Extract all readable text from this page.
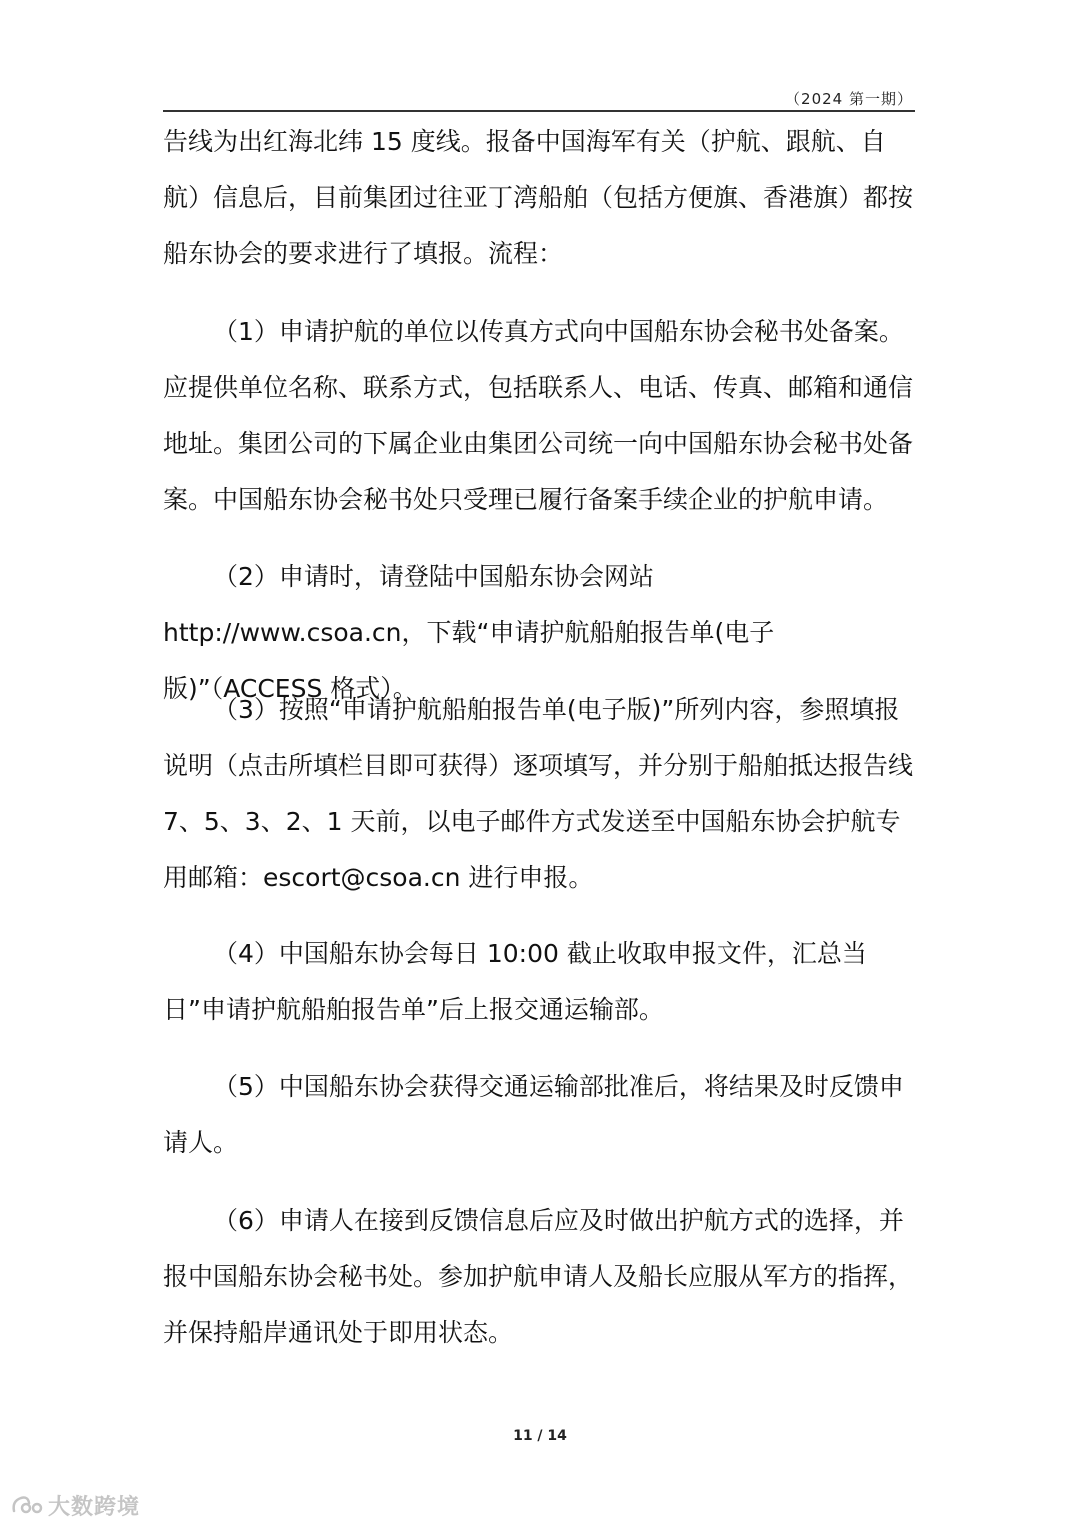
（2024 第一期）

告线为出红海北纬 15 度线。报备中国海军有关（护航、跟航、自航）信息后，目前集团过往亚丁湾船舶（包括方便旗、香港旗）都按船东协会的要求进行了填报。流程：

（1）申请护航的单位以传真方式向中国船东协会秘书处备案。应提供单位名称、联系方式，包括联系人、电话、传真、邮箱和通信地址。集团公司的下属企业由集团公司统一向中国船东协会秘书处备案。中国船东协会秘书处只受理已履行备案手续企业的护航申请。

（2）申请时，请登陆中国船东协会网站 http://www.csoa.cn，下载“申请护航船舶报告单(电子版)”（ACCESS 格式）。

（3）按照“申请护航船舶报告单(电子版)”所列内容，参照填报说明（点击所填栏目即可获得）逐项填写，并分别于船舶抵达报告线 7、5、3、2、1 天前，以电子邮件方式发送至中国船东协会护航专用邮箱：escort@csoa.cn 进行申报。

（4）中国船东协会每日 10:00 截止收取申报文件，汇总当日”申请护航船舶报告单”后上报交通运输部。

（5）中国船东协会获得交通运输部批准后，将结果及时反馈申请人。

（6）申请人在接到反馈信息后应及时做出护航方式的选择，并报中国船东协会秘书处。参加护航申请人及船长应服从军方的指挥，并保持船岸通讯处于即用状态。

11 / 14
大数跨境
